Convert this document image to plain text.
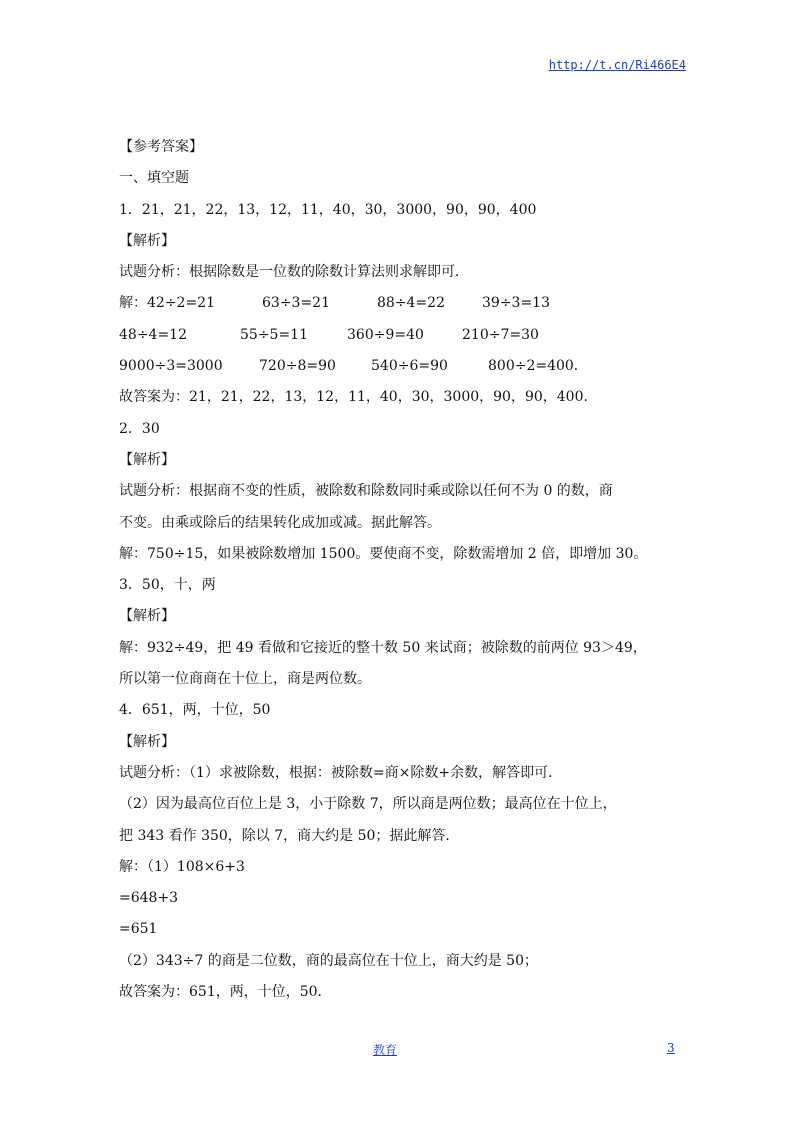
http://t.cn/Ri466E4
【参考答案】
一、填空题
1．21，21，22，13，12，11，40，30，3000，90，90，400
【解析】
试题分析：根据除数是一位数的除数计算法则求解即可．
解：42÷2=21	63÷3=21	88÷4=22	39÷3=13
48÷4=12	55÷5=11	360÷9=40	210÷7=30
9000÷3=3000	720÷8=90	540÷6=90	800÷2=400．
故答案为：21，21，22，13，12，11，40，30，3000，90，90，400．
2．30
【解析】
试题分析：根据商不变的性质，被除数和除数同时乘或除以任何不为 0 的数，商
不变。由乘或除后的结果转化成加或减。据此解答。
解：750÷15，如果被除数增加 1500。要使商不变，除数需增加 2 倍，即增加 30。
3．50，十，两
【解析】
解：932÷49，把 49 看做和它接近的整十数 50 来试商；被除数的前两位 93＞49，
所以第一位商商在十位上，商是两位数。
4．651，两，十位，50
【解析】
试题分析：（1）求被除数，根据：被除数=商×除数+余数，解答即可．
（2）因为最高位百位上是 3，小于除数 7，所以商是两位数；最高位在十位上，
把 343 看作 350，除以 7，商大约是 50；据此解答．
解：（1）108×6+3
=648+3
=651
（2）343÷7 的商是二位数，商的最高位在十位上，商大约是 50；
故答案为：651，两，十位，50．
教育	3
